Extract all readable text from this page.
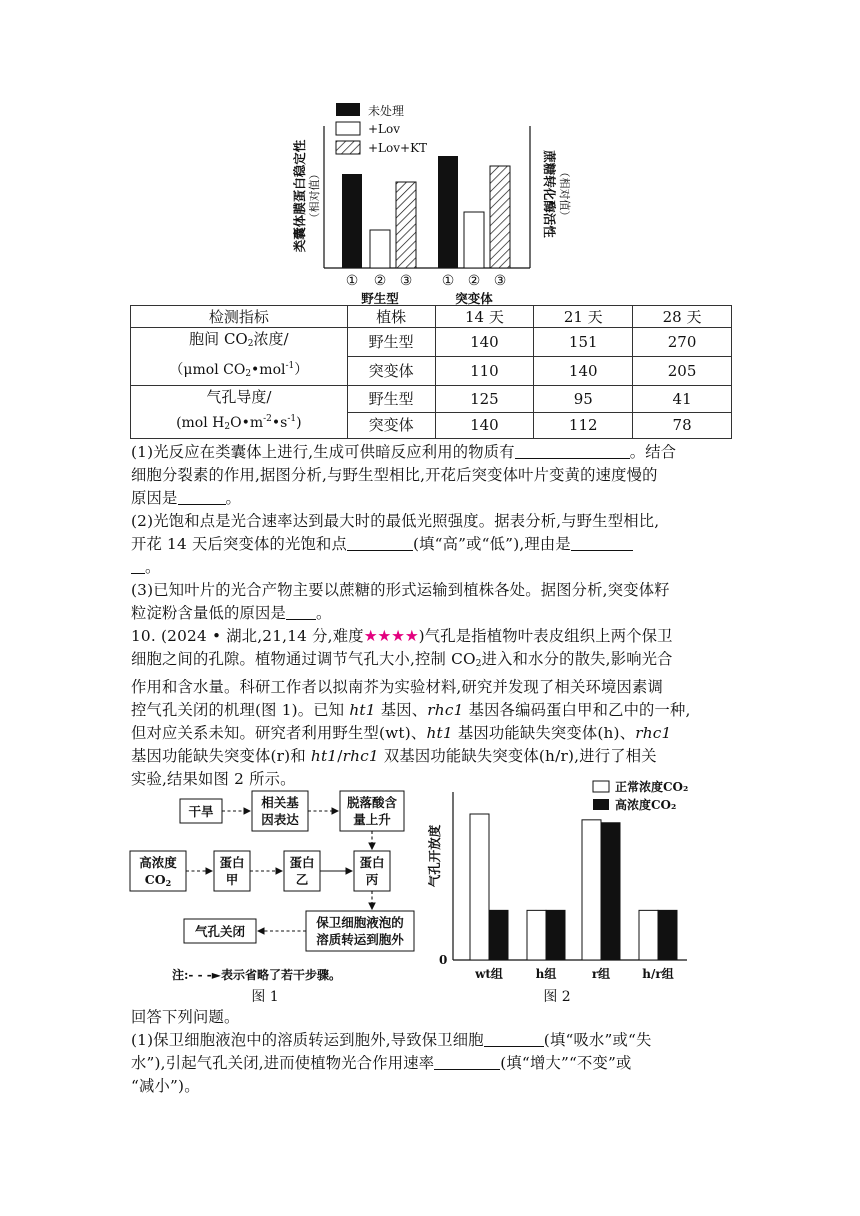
未处理
+Lov
+Lov+KT
类囊体膜蛋白稳定性 （相对值）	蔗糖转化酶活性 （相对值）
① ② ③ ① ② ③
野生型	突变体
检测指标	植株	14 天	21 天	28 天
胞间 $CO_2$浓度/
（μmol $CO_2•mol^{-1}$）	野生型	140	151	270
	突变体	110	140	205
气孔导度/
(mol $H_2O•m^{-2}•s^{-1}$)	野生型	125	95	41
	突变体	140	112	78
(1)光反应在类囊体上进行,生成可供暗反应利用的物质有	。结合
细胞分裂素的作用,据图分析,与野生型相比,开花后突变体叶片变黄的速度慢的
原因是	。
(2)光饱和点是光合速率达到最大时的最低光照强度。据表分析,与野生型相比,
开花 14 天后突变体的光饱和点	(填“高”或“低”),理由是
。
(3)已知叶片的光合产物主要以蔗糖的形式运输到植株各处。据图分析,突变体籽
粒淀粉含量低的原因是 。
10. (2024 • 湖北,21,14 分,难度★★★★)气孔是指植物叶表皮组织上两个保卫
细胞之间的孔隙。植物通过调节气孔大小,控制 $CO_2$进入和水分的散失,影响光合
作用和含水量。科研工作者以拟南芥为实验材料,研究并发现了相关环境因素调
控气孔关闭的机理(图 1)。已知 ht1 基因、rhc1 基因各编码蛋白甲和乙中的一种,
但对应关系未知。研究者利用野生型(wt)、ht1 基因功能缺失突变体(h)、rhc1
基因功能缺失突变体(r)和 ht1/rhc1 双基因功能缺失突变体(h/r),进行了相关
实验,结果如图 2 所示。
干旱
相关基
因表达
脱落酸含
量上升
高浓度
CO2
蛋白
甲
蛋白
乙
蛋白
丙
气孔关闭
保卫细胞液泡的
溶质转运到胞外
注:- - -►表示省略了若干步骤。
图 1
正常浓度CO₂
高浓度CO₂
气孔开放度
0
wt组	h组	r组	h/r组
图 2
回答下列问题。
(1)保卫细胞液泡中的溶质转运到胞外,导致保卫细胞	(填“吸水”或“失
水”),引起气孔关闭,进而使植物光合作用速率	(填“增大”“不变”或
“减小”)。
